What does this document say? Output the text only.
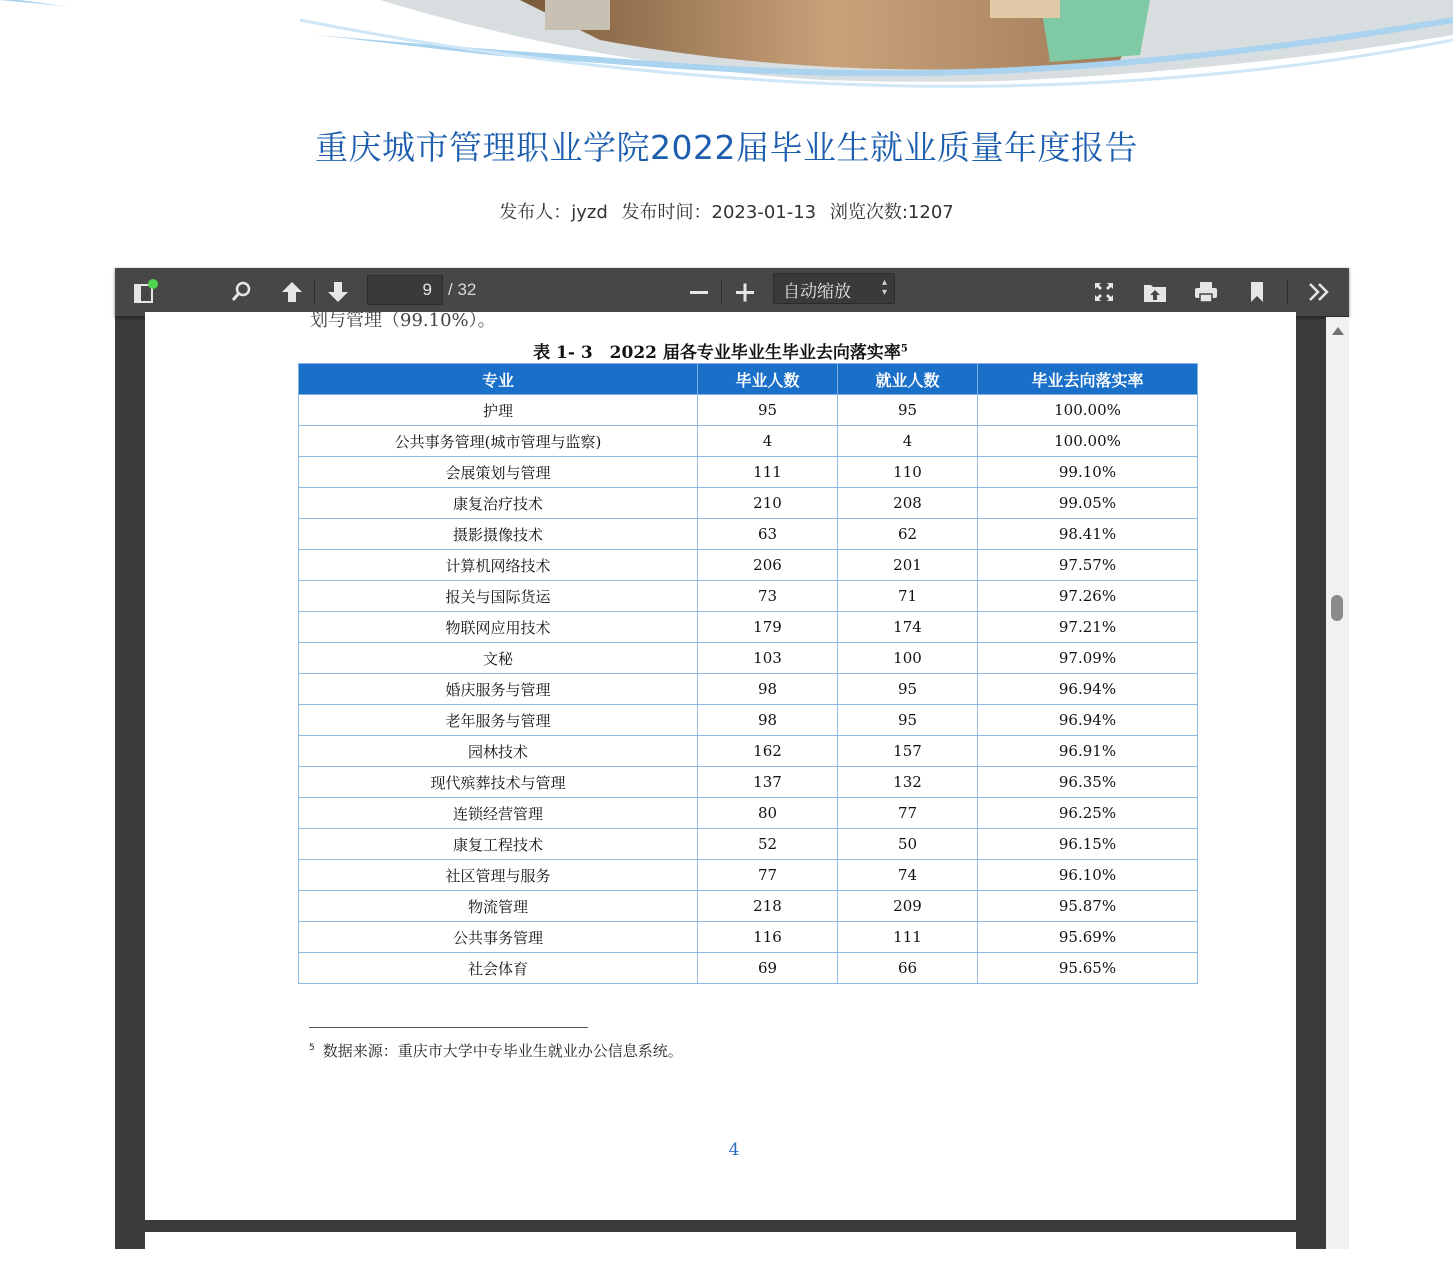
重庆城市管理职业学院2022届毕业生就业质量年度报告
发布人：jyzd 发布时间：2023-01-13 浏览次数:1207
9
/ 32	自动缩放	▴
▾
划与管理（99.10%）。
表 1- 3　2022 届各专业毕业生毕业去向落实率$^5$
专业	毕业人数	就业人数	毕业去向落实率
护理	95	95	100.00%
公共事务管理(城市管理与监察)	4	4	100.00%
会展策划与管理	111	110	99.10%
康复治疗技术	210	208	99.05%
摄影摄像技术	63	62	98.41%
计算机网络技术	206	201	97.57%
报关与国际货运	73	71	97.26%
物联网应用技术	179	174	97.21%
文秘	103	100	97.09%
婚庆服务与管理	98	95	96.94%
老年服务与管理	98	95	96.94%
园林技术	162	157	96.91%
现代殡葬技术与管理	137	132	96.35%
连锁经营管理	80	77	96.25%
康复工程技术	52	50	96.15%
社区管理与服务	77	74	96.10%
物流管理	218	209	95.87%
公共事务管理	116	111	95.69%
社会体育	69	66	95.65%
$^5$ 数据来源：重庆市大学中专毕业生就业办公信息系统。
4
